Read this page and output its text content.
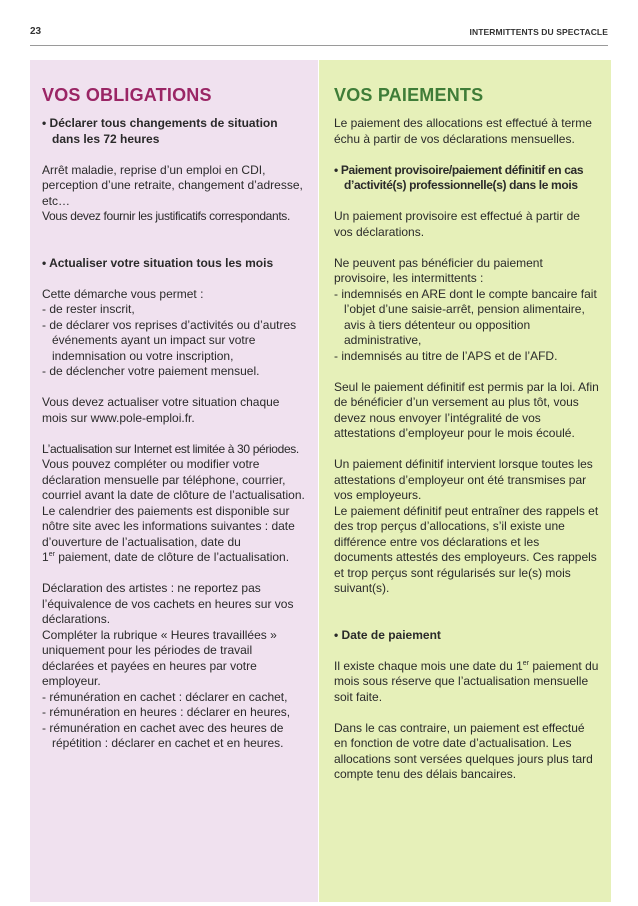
23	INTERMITTENTS DU SPECTACLE
VOS OBLIGATIONS

• Déclarer tous changements de situation dans les 72 heures

Arrêt maladie, reprise d’un emploi en CDI, perception d’une retraite, changement d’adresse, etc…

Vous devez fournir les justificatifs correspondants.

• Actualiser votre situation tous les mois

Cette démarche vous permet :

- de rester inscrit,

- de déclarer vos reprises d’activités ou d’autres événements ayant un impact sur votre indemnisation ou votre inscription,

- de déclencher votre paiement mensuel.

Vous devez actualiser votre situation chaque mois sur www.pole-emploi.fr.

L’actualisation sur Internet est limitée à 30 périodes.

Vous pouvez compléter ou modifier votre déclaration mensuelle par téléphone, courrier, courriel avant la date de clôture de l’actualisation. Le calendrier des paiements est disponible sur nôtre site avec les informations suivantes : date d’ouverture de l’actualisation, date du
1er paiement, date de clôture de l’actualisation.

Déclaration des artistes : ne reportez pas l’équivalence de vos cachets en heures sur vos déclarations.

Compléter la rubrique « Heures travaillées » uniquement pour les périodes de travail déclarées et payées en heures par votre employeur.

- rémunération en cachet : déclarer en cachet,

- rémunération en heures : déclarer en heures,

- rémunération en cachet avec des heures de répétition : déclarer en cachet et en heures.

VOS PAIEMENTS

Le paiement des allocations est effectué à terme échu à partir de vos déclarations mensuelles.

• Paiement provisoire/paiement définitif en cas d’activité(s) professionnelle(s) dans le mois

Un paiement provisoire est effectué à partir de vos déclarations.

Ne peuvent pas bénéficier du paiement provisoire, les intermittents :

- indemnisés en ARE dont le compte bancaire fait l’objet d’une saisie-arrêt, pension alimentaire, avis à tiers détenteur ou opposition administrative,

- indemnisés au titre de l’APS et de l’AFD.

Seul le paiement définitif est permis par la loi. Afin de bénéficier d’un versement au plus tôt, vous devez nous envoyer l’intégralité de vos attestations d’employeur pour le mois écoulé.

Un paiement définitif intervient lorsque toutes les attestations d’employeur ont été transmises par vos employeurs.

Le paiement définitif peut entraîner des rappels et des trop perçus d’allocations, s’il existe une différence entre vos déclarations et les documents attestés des employeurs. Ces rappels et trop perçus sont régularisés sur le(s) mois suivant(s).

• Date de paiement

Il existe chaque mois une date du 1er paiement du mois sous réserve que l’actualisation mensuelle soit faite.

Dans le cas contraire, un paiement est effectué en fonction de votre date d’actualisation. Les allocations sont versées quelques jours plus tard compte tenu des délais bancaires.
